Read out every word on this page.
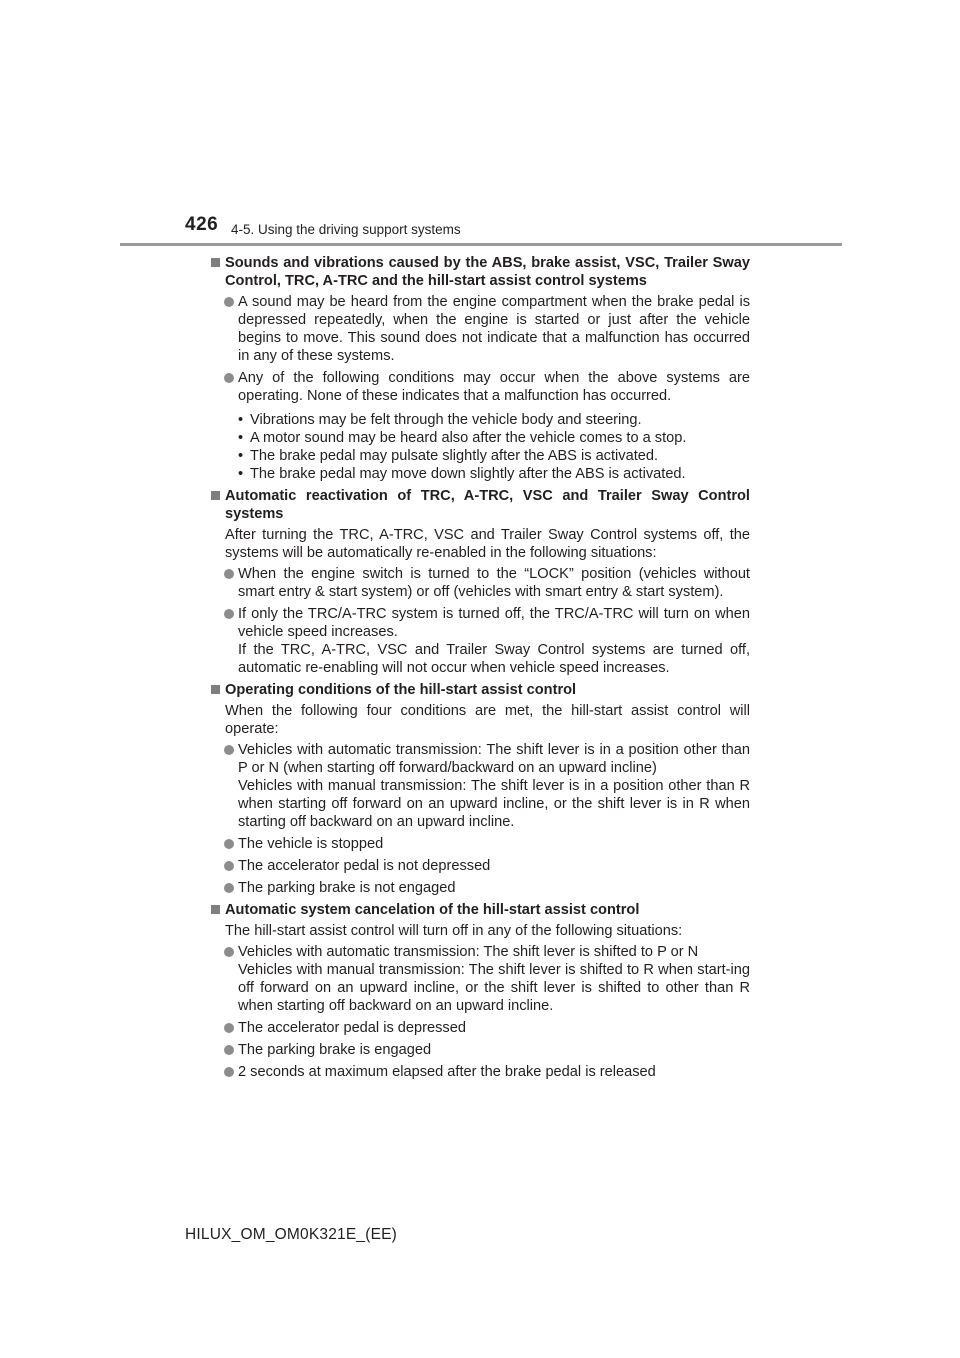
426 4-5. Using the driving support systems
Sounds and vibrations caused by the ABS, brake assist, VSC, Trailer Sway Control, TRC, A-TRC and the hill-start assist control systems
A sound may be heard from the engine compartment when the brake pedal is depressed repeatedly, when the engine is started or just after the vehicle begins to move. This sound does not indicate that a malfunction has occurred in any of these systems.
Any of the following conditions may occur when the above systems are operating. None of these indicates that a malfunction has occurred.
• Vibrations may be felt through the vehicle body and steering.
• A motor sound may be heard also after the vehicle comes to a stop.
• The brake pedal may pulsate slightly after the ABS is activated.
• The brake pedal may move down slightly after the ABS is activated.
Automatic reactivation of TRC, A-TRC, VSC and Trailer Sway Control systems
After turning the TRC, A-TRC, VSC and Trailer Sway Control systems off, the systems will be automatically re-enabled in the following situations:
When the engine switch is turned to the “LOCK” position (vehicles without smart entry & start system) or off (vehicles with smart entry & start system).
If only the TRC/A-TRC system is turned off, the TRC/A-TRC will turn on when vehicle speed increases.
If the TRC, A-TRC, VSC and Trailer Sway Control systems are turned off, automatic re-enabling will not occur when vehicle speed increases.
Operating conditions of the hill-start assist control
When the following four conditions are met, the hill-start assist control will operate:
Vehicles with automatic transmission: The shift lever is in a position other than P or N (when starting off forward/backward on an upward incline)
Vehicles with manual transmission: The shift lever is in a position other than R when starting off forward on an upward incline, or the shift lever is in R when starting off backward on an upward incline.
The vehicle is stopped
The accelerator pedal is not depressed
The parking brake is not engaged
Automatic system cancelation of the hill-start assist control
The hill-start assist control will turn off in any of the following situations:
Vehicles with automatic transmission: The shift lever is shifted to P or N
Vehicles with manual transmission: The shift lever is shifted to R when start-ing off forward on an upward incline, or the shift lever is shifted to other than R when starting off backward on an upward incline.
The accelerator pedal is depressed
The parking brake is engaged
2 seconds at maximum elapsed after the brake pedal is released
HILUX_OM_OM0K321E_(EE)
